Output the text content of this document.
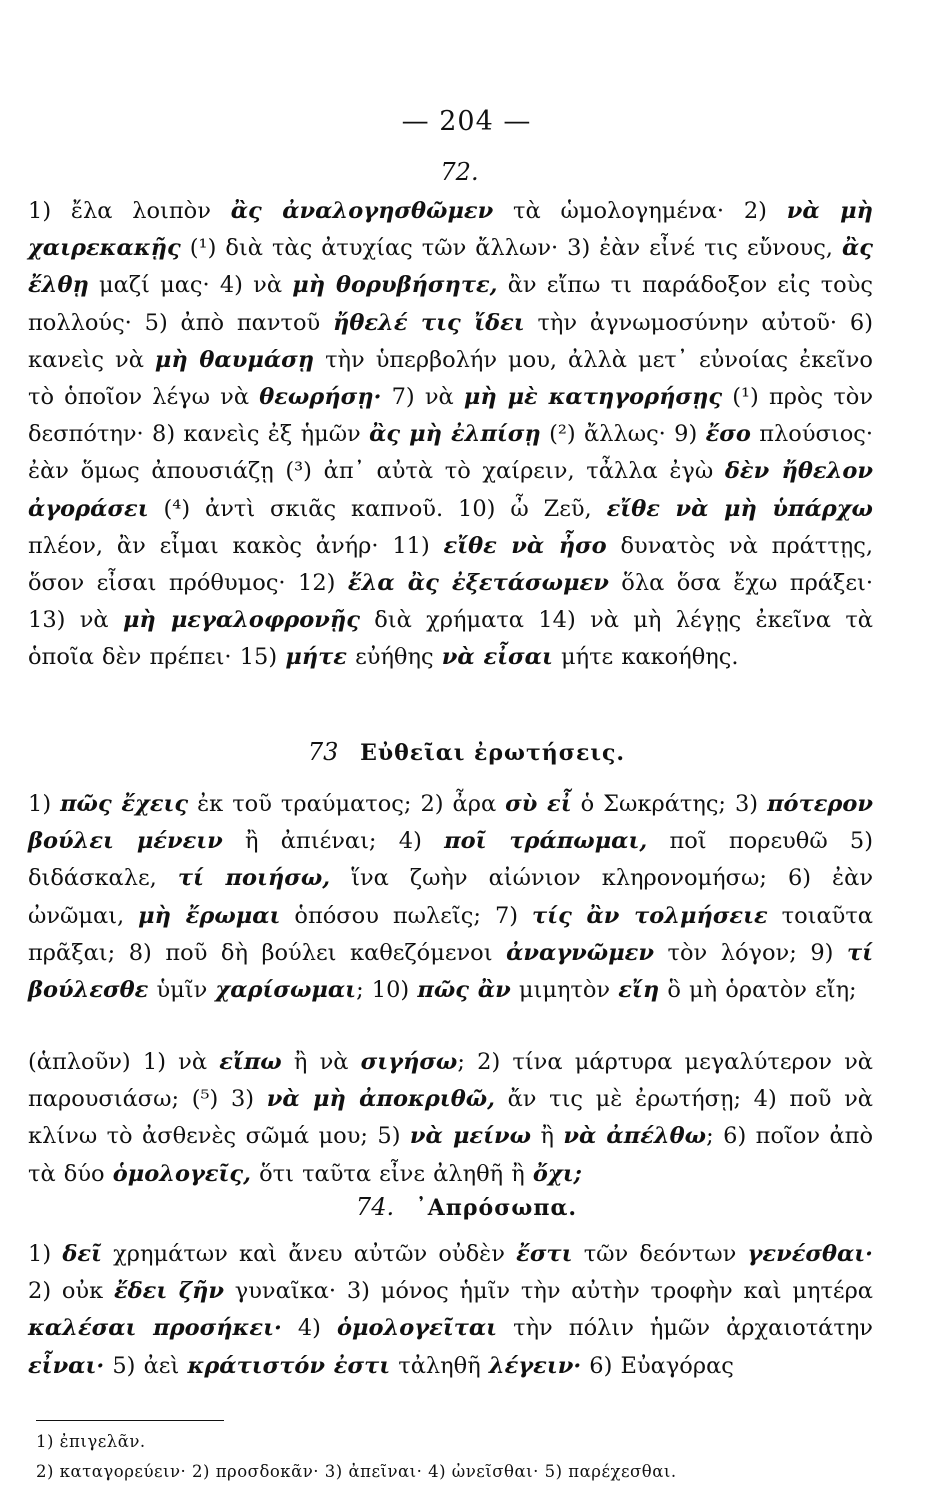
— 204 —
72.
1) ἔλα λοιπὸν ἂς ἀναλογησθῶμεν τὰ ὡμολογημένα· 2) νὰ μὴ χαιρεκακῇς (¹) διὰ τὰς ἀτυχίας τῶν ἄλλων· 3) ἐὰν εἶνέ τις εὔνους, ἂς ἔλθῃ μαζί μας· 4) νὰ μὴ θορυβήσητε, ἂν εἴπω τι παράδοξον εἰς τοὺς πολλούς· 5) ἀπὸ παντοῦ ἤθελέ τις ἴδει τὴν ἀγνωμοσύνην αὐτοῦ· 6) κανεὶς νὰ μὴ θαυμάσῃ τὴν ὑπερβολήν μου, ἀλλὰ μετ᾽ εὐνοίας ἐκεῖνο τὸ ὁποῖον λέγω νὰ θεωρήσῃ· 7) νὰ μὴ μὲ κατηγορήσῃς (¹) πρὸς τὸν δεσπότην· 8) κανεὶς ἐξ ἡμῶν ἂς μὴ ἐλπίσῃ (²) ἄλλως· 9) ἔσο πλούσιος· ἐὰν ὅμως ἀπουσιάζῃ (³) ἀπ᾽ αὐτὰ τὸ χαίρειν, τἆλλα ἐγὼ δὲν ἤθελον ἀγοράσει (⁴) ἀντὶ σκιᾶς καπνοῦ. 10) ὦ Ζεῦ, εἴθε νὰ μὴ ὑπάρχω πλέον, ἂν εἶμαι κακὸς ἀνήρ· 11) εἴθε νὰ ἦσο δυνατὸς νὰ πράττῃς, ὅσον εἶσαι πρόθυμος· 12) ἔλα ἂς ἐξετάσωμεν ὅλα ὅσα ἔχω πράξει· 13) νὰ μὴ μεγαλοφρονῇς διὰ χρήματα 14) νὰ μὴ λέγῃς ἐκεῖνα τὰ ὁποῖα δὲν πρέπει· 15) μήτε εὐήθης νὰ εἶσαι μήτε κακοήθης.
73 Εὐθεῖαι ἐρωτήσεις.
1) πῶς ἔχεις ἐκ τοῦ τραύματος; 2) ἆρα σὺ εἶ ὁ Σωκράτης; 3) πότερον βούλει μένειν ἢ ἀπιέναι; 4) ποῖ τράπωμαι, ποῖ πορευθῶ 5) διδάσκαλε, τί ποιήσω, ἵνα ζωὴν αἰώνιον κληρονομήσω; 6) ἐὰν ὠνῶμαι, μὴ ἔρωμαι ὁπόσου πωλεῖς; 7) τίς ἂν τολμήσειε τοιαῦτα πρᾶξαι; 8) ποῦ δὴ βούλει καθεζόμενοι ἀναγνῶμεν τὸν λόγον; 9) τί βούλεσθε ὑμῖν χαρίσωμαι; 10) πῶς ἂν μιμητὸν εἴη ὃ μὴ ὁρατὸν εἴη;
(ἁπλοῦν) 1) νὰ εἴπω ἢ νὰ σιγήσω; 2) τίνα μάρτυρα μεγαλύτερον νὰ παρουσιάσω; (⁵) 3) νὰ μὴ ἀποκριθῶ, ἄν τις μὲ ἐρωτήσῃ; 4) ποῦ νὰ κλίνω τὸ ἀσθενὲς σῶμά μου; 5) νὰ μείνω ἢ νὰ ἀπέλθω; 6) ποῖον ἀπὸ τὰ δύο ὁμολογεῖς, ὅτι ταῦτα εἶνε ἀληθῆ ἢ ὄχι;
74. ᾽Απρόσωπα.
1) δεῖ χρημάτων καὶ ἄνευ αὐτῶν οὐδὲν ἔστι τῶν δεόντων γενέσθαι· 2) οὐκ ἔδει ζῆν γυναῖκα· 3) μόνος ἡμῖν τὴν αὐτὴν τροφὴν καὶ μητέρα καλέσαι προσήκει· 4) ὁμολογεῖται τὴν πόλιν ἡμῶν ἀρχαιοτάτην εἶναι· 5) ἀεὶ κράτιστόν ἐστι τἀληθῆ λέγειν· 6) Εὐαγόρας
1) ἐπιγελᾶν.
2) καταγορεύειν· 2) προσδοκᾶν· 3) ἀπεῖναι· 4) ὠνεῖσθαι· 5) παρέχεσθαι.
